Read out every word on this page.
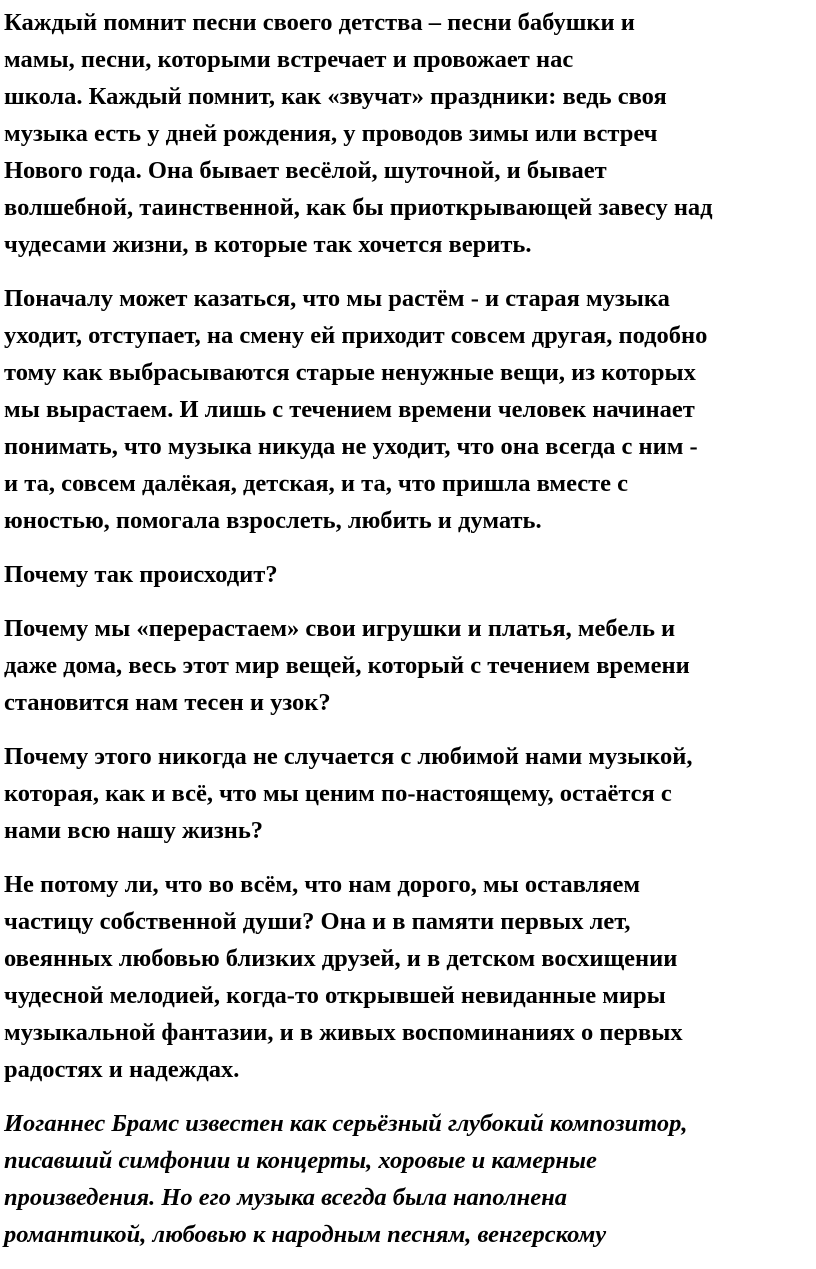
Каждый помнит песни своего детства – песни бабушки и
мамы, песни, которыми встречает и провожает нас
школа. Каждый помнит, как «звучат» праздники: ведь своя
музыка есть у дней рождения, у проводов зимы или встреч
Нового года. Она бывает весёлой, шуточной, и бывает
волшебной, таинственной, как бы приоткрывающей завесу над
чудесами жизни, в которые так хочется верить.

Поначалу может казаться, что мы растём - и старая музыка
уходит, отступает, на смену ей приходит совсем другая, подобно
тому как выбрасываются старые ненужные вещи, из которых
мы вырастаем. И лишь с течением времени человек начинает
понимать, что музыка никуда не уходит, что она всегда с ним -
и та, совсем далёкая, детская, и та, что пришла вместе с
юностью, помогала взрослеть, любить и думать.

Почему так происходит?

Почему мы «перерастаем» свои игрушки и платья, мебель и
даже дома, весь этот мир вещей, который с течением времени
становится нам тесен и узок?

Почему этого никогда не случается с любимой нами музыкой,
которая, как и всё, что мы ценим по-настоящему, остаётся с
нами всю нашу жизнь?

Не потому ли, что во всём, что нам дорого, мы оставляем
частицу собственной души? Она и в памяти первых лет,
овеянных любовью близких друзей, и в детском восхищении
чудесной мелодией, когда-то открывшей невиданные миры
музыкальной фантазии, и в живых воспоминаниях о первых
радостях и надеждах.

Иоганнес Брамс известен как серьёзный глубокий композитор,
писавший симфонии и концерты, хоровые и камерные
произведения. Но его музыка всегда была наполнена
романтикой, любовью к народным песням, венгерскому
